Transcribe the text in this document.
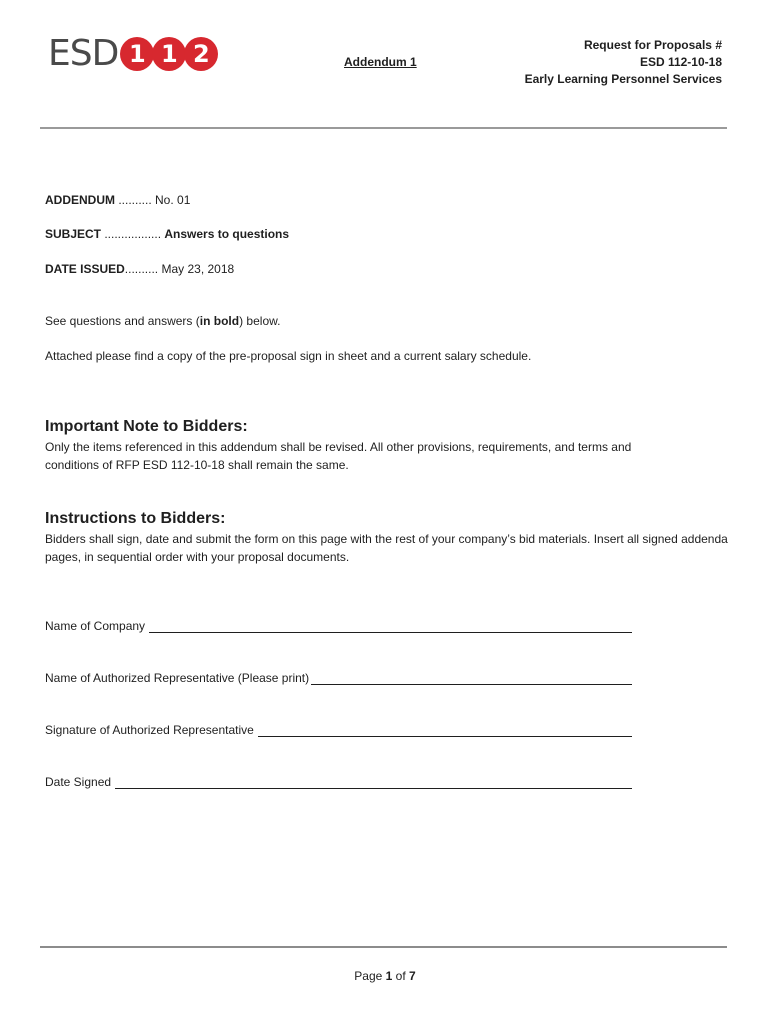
ESD 1 1 2	Addendum 1
Request for Proposals #
ESD 112-10-18
Early Learning Personnel Services
ADDENDUM .......... No. 01
SUBJECT ................. Answers to questions
DATE ISSUED.......... May 23, 2018
See questions and answers (in bold) below.
Attached please find a copy of the pre-proposal sign in sheet and a current salary schedule.
Important Note to Bidders:
Only the items referenced in this addendum shall be revised. All other provisions, requirements, and terms and conditions of RFP ESD 112-10-18 shall remain the same.
Instructions to Bidders:
Bidders shall sign, date and submit the form on this page with the rest of your company’s bid materials. Insert all signed addenda pages, in sequential order with your proposal documents.
Name of Company
Name of Authorized Representative (Please print)
Signature of Authorized Representative
Date Signed
Page 1 of 7
